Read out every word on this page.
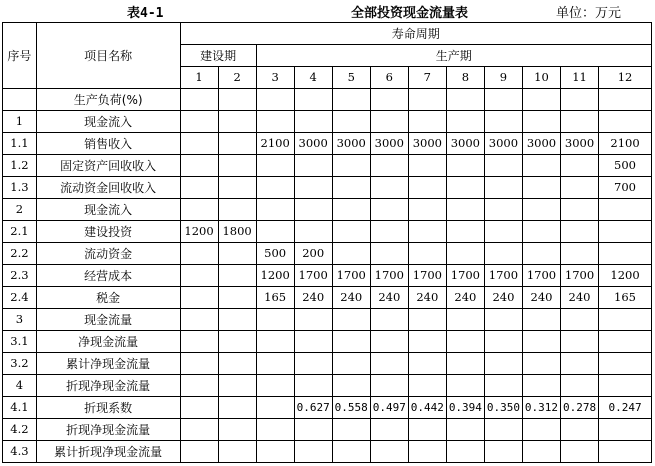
表4-1	全部投资现金流量表	单位：万元
序号	项目名称	寿命周期											
		建设期		生产期									
		1	2	3	4	5	6	7	8	9	10	11	12
	生产负荷(%)												
1	现金流入												
1.1	销售收入			2100	3000	3000	3000	3000	3000	3000	3000	3000	2100
1.2	固定资产回收收入												500
1.3	流动资金回收收入												700
2	现金流入												
2.1	建设投资	1200	1800										
2.2	流动资金			500	200								
2.3	经营成本			1200	1700	1700	1700	1700	1700	1700	1700	1700	1200
2.4	税金			165	240	240	240	240	240	240	240	240	165
3	现金流量												
3.1	净现金流量												
3.2	累计净现金流量												
4	折现净现金流量												
4.1	折现系数				0.627	0.558	0.497	0.442	0.394	0.350	0.312	0.278	0.247
4.2	折现净现金流量												
4.3	累计折现净现金流量												
